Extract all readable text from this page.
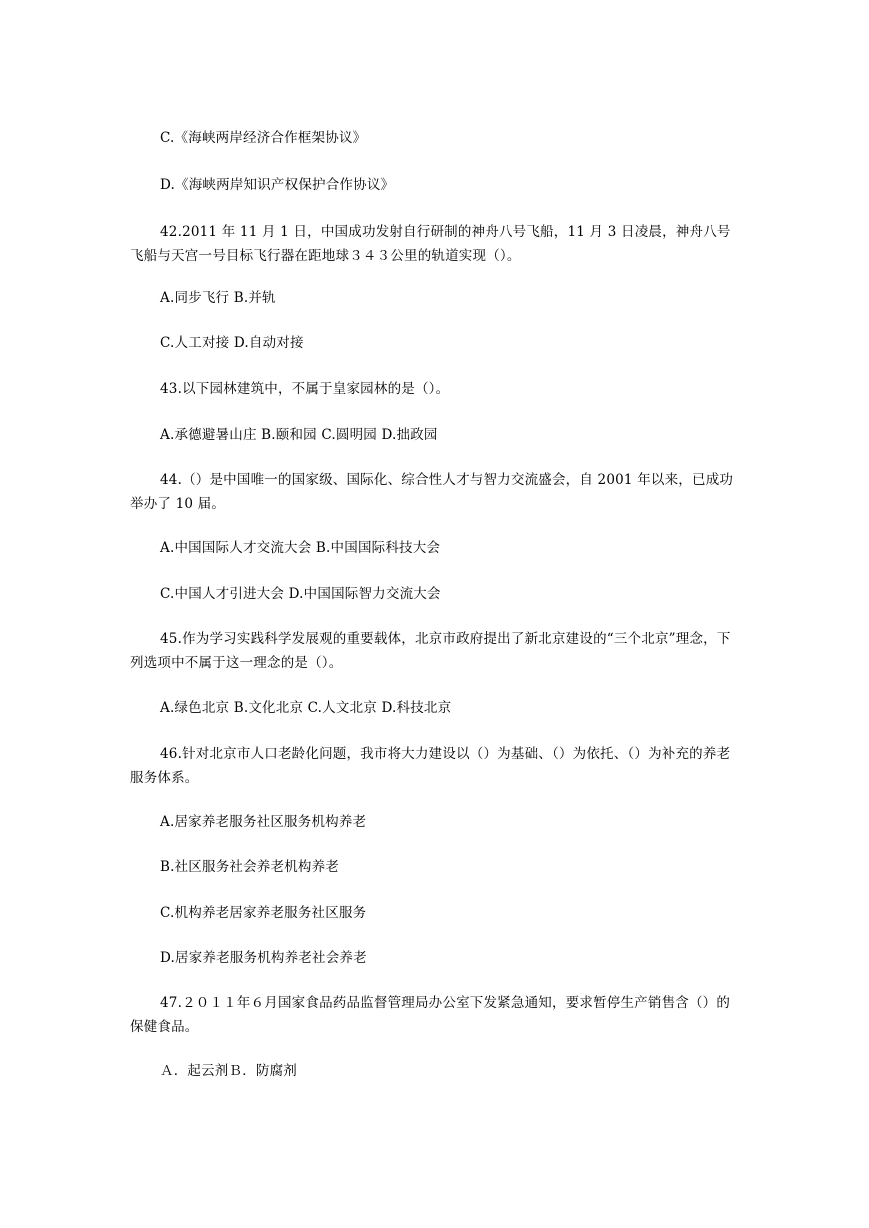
C.《海峡两岸经济合作框架协议》
D.《海峡两岸知识产权保护合作协议》
42.2011 年 11 月 1 日，中国成功发射自行研制的神舟八号飞船，11 月 3 日凌晨，神舟八号飞船与天宫一号目标飞行器在距地球３４３公里的轨道实现（）。
A.同步飞行 B.并轨
C.人工对接 D.自动对接
43.以下园林建筑中，不属于皇家园林的是（）。
A.承德避暑山庄 B.颐和园 C.圆明园 D.拙政园
44.（）是中国唯一的国家级、国际化、综合性人才与智力交流盛会，自 2001 年以来，已成功举办了 10 届。
A.中国国际人才交流大会 B.中国国际科技大会
C.中国人才引进大会 D.中国国际智力交流大会
45.作为学习实践科学发展观的重要载体，北京市政府提出了新北京建设的“三个北京”理念，下列选项中不属于这一理念的是（）。
A.绿色北京 B.文化北京 C.人文北京 D.科技北京
46.针对北京市人口老龄化问题，我市将大力建设以（）为基础、（）为依托、（）为补充的养老服务体系。
A.居家养老服务社区服务机构养老
B.社区服务社会养老机构养老
C.机构养老居家养老服务社区服务
D.居家养老服务机构养老社会养老
47.２０１１年６月国家食品药品监督管理局办公室下发紧急通知，要求暂停生产销售含（）的保健食品。
Ａ．起云剂Ｂ．防腐剂
